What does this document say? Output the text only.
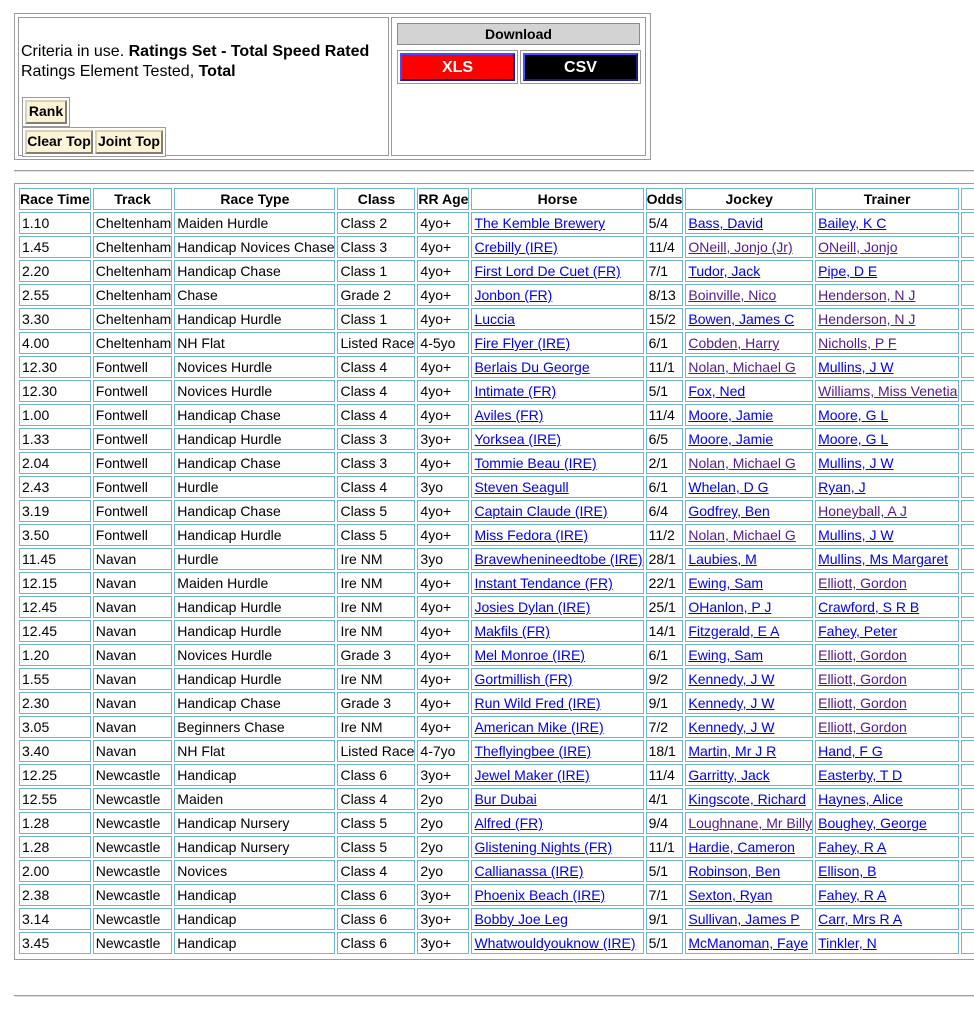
Criteria in use. Ratings Set - Total Speed Rated
Ratings Element Tested, Total
Rank
Clear Top Joint Top
Download
XLS	CSV
Race Time	Track	Race Type	Class	RR Age	Horse	Odds	Jockey	Trainer	
1.10	Cheltenham	Maiden Hurdle	Class 2	4yo+	The Kemble Brewery	5/4	Bass, David	Bailey, K C	
1.45	Cheltenham	Handicap Novices Chase	Class 3	4yo+	Crebilly (IRE)	11/4	ONeill, Jonjo (Jr)	ONeill, Jonjo	
2.20	Cheltenham	Handicap Chase	Class 1	4yo+	First Lord De Cuet (FR)	7/1	Tudor, Jack	Pipe, D E	
2.55	Cheltenham	Chase	Grade 2	4yo+	Jonbon (FR)	8/13	Boinville, Nico	Henderson, N J	
3.30	Cheltenham	Handicap Hurdle	Class 1	4yo+	Luccia	15/2	Bowen, James C	Henderson, N J	
4.00	Cheltenham	NH Flat	Listed Race	4-5yo	Fire Flyer (IRE)	6/1	Cobden, Harry	Nicholls, P F	
12.30	Fontwell	Novices Hurdle	Class 4	4yo+	Berlais Du George	11/1	Nolan, Michael G	Mullins, J W	
12.30	Fontwell	Novices Hurdle	Class 4	4yo+	Intimate (FR)	5/1	Fox, Ned	Williams, Miss Venetia	
1.00	Fontwell	Handicap Chase	Class 4	4yo+	Aviles (FR)	11/4	Moore, Jamie	Moore, G L	
1.33	Fontwell	Handicap Hurdle	Class 3	3yo+	Yorksea (IRE)	6/5	Moore, Jamie	Moore, G L	
2.04	Fontwell	Handicap Chase	Class 3	4yo+	Tommie Beau (IRE)	2/1	Nolan, Michael G	Mullins, J W	
2.43	Fontwell	Hurdle	Class 4	3yo	Steven Seagull	6/1	Whelan, D G	Ryan, J	
3.19	Fontwell	Handicap Chase	Class 5	4yo+	Captain Claude (IRE)	6/4	Godfrey, Ben	Honeyball, A J	
3.50	Fontwell	Handicap Hurdle	Class 5	4yo+	Miss Fedora (IRE)	11/2	Nolan, Michael G	Mullins, J W	
11.45	Navan	Hurdle	Ire NM	3yo	Bravewhenineedtobe (IRE)	28/1	Laubies, M	Mullins, Ms Margaret	
12.15	Navan	Maiden Hurdle	Ire NM	4yo+	Instant Tendance (FR)	22/1	Ewing, Sam	Elliott, Gordon	
12.45	Navan	Handicap Hurdle	Ire NM	4yo+	Josies Dylan (IRE)	25/1	OHanlon, P J	Crawford, S R B	
12.45	Navan	Handicap Hurdle	Ire NM	4yo+	Makfils (FR)	14/1	Fitzgerald, E A	Fahey, Peter	
1.20	Navan	Novices Hurdle	Grade 3	4yo+	Mel Monroe (IRE)	6/1	Ewing, Sam	Elliott, Gordon	
1.55	Navan	Handicap Hurdle	Ire NM	4yo+	Gortmillish (FR)	9/2	Kennedy, J W	Elliott, Gordon	
2.30	Navan	Handicap Chase	Grade 3	4yo+	Run Wild Fred (IRE)	9/1	Kennedy, J W	Elliott, Gordon	
3.05	Navan	Beginners Chase	Ire NM	4yo+	American Mike (IRE)	7/2	Kennedy, J W	Elliott, Gordon	
3.40	Navan	NH Flat	Listed Race	4-7yo	Theflyingbee (IRE)	18/1	Martin, Mr J R	Hand, F G	
12.25	Newcastle	Handicap	Class 6	3yo+	Jewel Maker (IRE)	11/4	Garritty, Jack	Easterby, T D	
12.55	Newcastle	Maiden	Class 4	2yo	Bur Dubai	4/1	Kingscote, Richard	Haynes, Alice	
1.28	Newcastle	Handicap Nursery	Class 5	2yo	Alfred (FR)	9/4	Loughnane, Mr Billy	Boughey, George	
1.28	Newcastle	Handicap Nursery	Class 5	2yo	Glistening Nights (FR)	11/1	Hardie, Cameron	Fahey, R A	
2.00	Newcastle	Novices	Class 4	2yo	Callianassa (IRE)	5/1	Robinson, Ben	Ellison, B	
2.38	Newcastle	Handicap	Class 6	3yo+	Phoenix Beach (IRE)	7/1	Sexton, Ryan	Fahey, R A	
3.14	Newcastle	Handicap	Class 6	3yo+	Bobby Joe Leg	9/1	Sullivan, James P	Carr, Mrs R A	
3.45	Newcastle	Handicap	Class 6	3yo+	Whatwouldyouknow (IRE)	5/1	McManoman, Faye	Tinkler, N	
